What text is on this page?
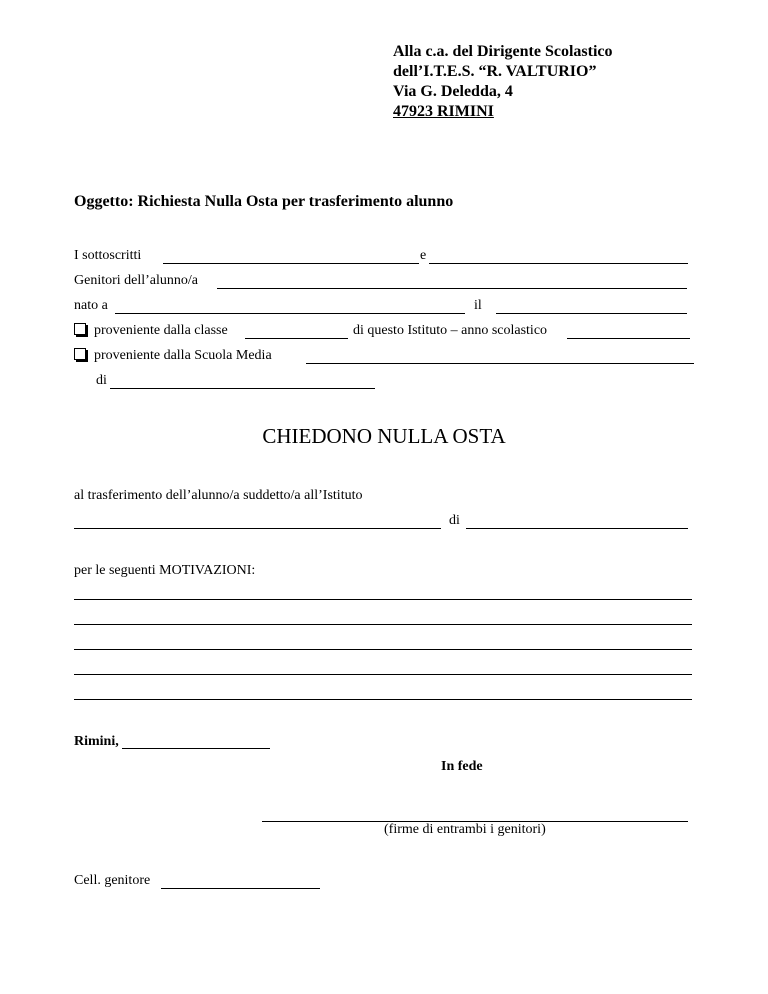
Alla c.a. del Dirigente Scolastico
dell’I.T.E.S. “R. VALTURIO”
Via G. Deledda, 4
47923 RIMINI
Oggetto: Richiesta Nulla Osta per trasferimento alunno
I sottoscritti	e
Genitori dell’alunno/a
nato a	il
proveniente dalla classe	di questo Istituto – anno scolastico
proveniente dalla Scuola Media
di
CHIEDONO NULLA OSTA
al trasferimento dell’alunno/a suddetto/a all’Istituto
di
per le seguenti MOTIVAZIONI:
Rimini,
In fede
(firme di entrambi i genitori)
Cell. genitore
